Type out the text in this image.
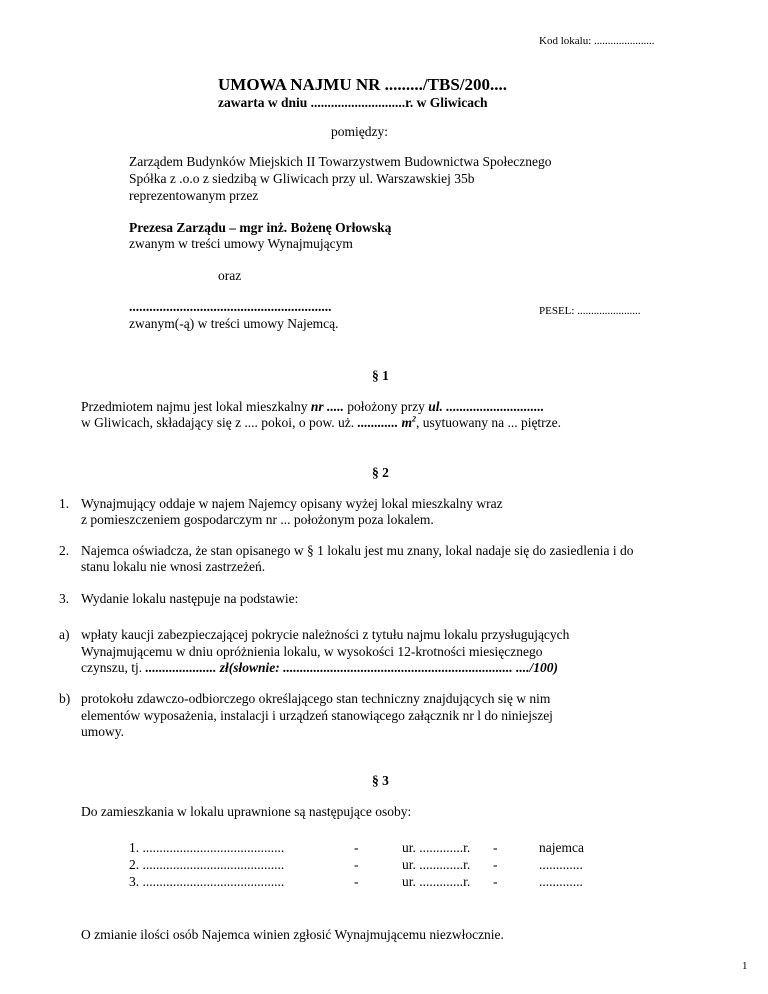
Kod lokalu: ......................
UMOWA NAJMU NR ........./TBS/200....
zawarta w dniu ............................r. w Gliwicach
pomiędzy:
Zarządem Budynków Miejskich II Towarzystwem Budownictwa Społecznego
Spółka z .o.o z siedzibą w Gliwicach przy ul. Warszawskiej 35b
reprezentowanym przez
Prezesa Zarządu – mgr inż. Bożenę Orłowską
zwanym w treści umowy Wynajmującym
oraz
............................................................	PESEL: .......................
zwanym(-ą) w treści umowy Najemcą.
§ 1
Przedmiotem najmu jest lokal mieszkalny nr ..... położony przy ul. .............................
w Gliwicach, składający się z .... pokoi, o pow. uż. ............ $m^2$, usytuowany na ... piętrze.
§ 2
1. Wynajmujący oddaje w najem Najemcy opisany wyżej lokal mieszkalny wraz
z pomieszczeniem gospodarczym nr ... położonym poza lokalem.
2. Najemca oświadcza, że stan opisanego w § 1 lokalu jest mu znany, lokal nadaje się do zasiedlenia i do
stanu lokalu nie wnosi zastrzeżeń.
3. Wydanie lokalu następuje na podstawie:
a) wpłaty kaucji zabezpieczającej pokrycie należności z tytułu najmu lokalu przysługujących
Wynajmującemu w dniu opróżnienia lokalu, w wysokości 12-krotności miesięcznego
czynszu, tj. ..................... zł(słownie: .................................................................... ..../100)
b) protokołu zdawczo-odbiorczego określającego stan techniczny znajdujących się w nim
elementów wyposażenia, instalacji i urządzeń stanowiącego załącznik nr l do niniejszej
umowy.
§ 3
Do zamieszkania w lokalu uprawnione są następujące osoby:
1. ..........................................	-	ur. .............r. -	najemca
2. ..........................................	-	ur. .............r. -	.............
3. ..........................................	-	ur. .............r. -	.............
O zmianie ilości osób Najemca winien zgłosić Wynajmującemu niezwłocznie.
1
